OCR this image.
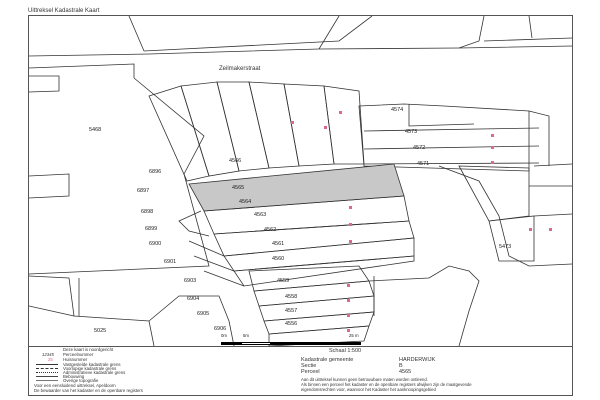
Uittreksel Kadastrale Kaart
Zeilmakerstraat
5468
4574
4573
4572
4571
4566
4565
4564
4563
4562
4561
4560
4559
4558
4557
4556
5473
5025
6896
6897
6898
6899
6900
6901
6903
6904
6905
6906
0m	5m	25 m
Schaal 1:500
Deze kaart is noordgericht
12345 Perceelnummer
25 Huisnummer
Vastgestelde kadastrale grens
Voorlopige kadastrale grens
Administratieve kadastrale grens
Bebouwing
Overige topografie
Voor een eensluidend uittreksel, Apeldoorn
De bewaarder van het kadaster en de openbare registers
Kadastrale gemeente	HARDERWIJK
Sectie	B
Perceel	4565
Aan dit uittreksel kunnen geen betrouwbare maten worden ontleend.
Als binnen een perceel het kadaster en de openbare registers afwijken zijn de maatgevende
eigendomsrechten voor, waarvoor het Kadaster het aanknoopingsgebied
